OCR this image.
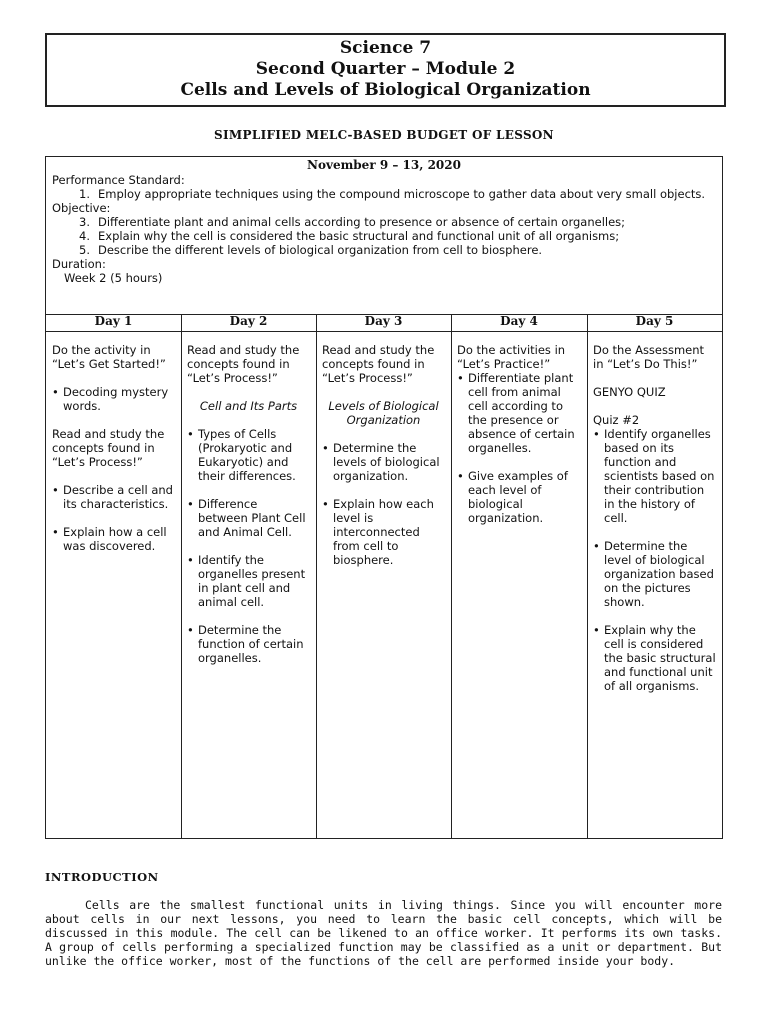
Science 7
Second Quarter – Module 2
Cells and Levels of Biological Organization
SIMPLIFIED MELC-BASED BUDGET OF LESSON
November 9 – 13, 2020
Performance Standard:
1. Employ appropriate techniques using the compound microscope to gather data about very small objects.
Objective:
3. Differentiate plant and animal cells according to presence or absence of certain organelles;
4. Explain why the cell is considered the basic structural and functional unit of all organisms;
5. Describe the different levels of biological organization from cell to biosphere.
Duration:
Week 2 (5 hours)
Day 1
Do the activity in “Let’s Get Started!”
• Decoding mystery words.
Read and study the concepts found in “Let’s Process!”
• Describe a cell and its characteristics.
• Explain how a cell was discovered.
Day 2
Read and study the concepts found in “Let’s Process!”
Cell and Its Parts
• Types of Cells (Prokaryotic and Eukaryotic) and their differences.
• Difference between Plant Cell and Animal Cell.
• Identify the organelles present in plant cell and animal cell.
• Determine the function of certain organelles.
Day 3
Read and study the concepts found in “Let’s Process!”
Levels of Biological Organization
• Determine the levels of biological organization.
• Explain how each level is interconnected from cell to biosphere.
Day 4
Do the activities in “Let’s Practice!”
• Differentiate plant cell from animal cell according to the presence or absence of certain organelles.
• Give examples of each level of biological organization.
Day 5
Do the Assessment in “Let’s Do This!”
GENYO QUIZ
Quiz #2
• Identify organelles based on its function and scientists based on their contribution in the history of cell.
• Determine the level of biological organization based on the pictures shown.
• Explain why the cell is considered the basic structural and functional unit of all organisms.
INTRODUCTION

Cells are the smallest functional units in living things. Since you will encounter more about cells in our next lessons, you need to learn the basic cell concepts, which will be discussed in this module. The cell can be likened to an office worker. It performs its own tasks. A group of cells performing a specialized function may be classified as a unit or department. But unlike the office worker, most of the functions of the cell are performed inside your body.
